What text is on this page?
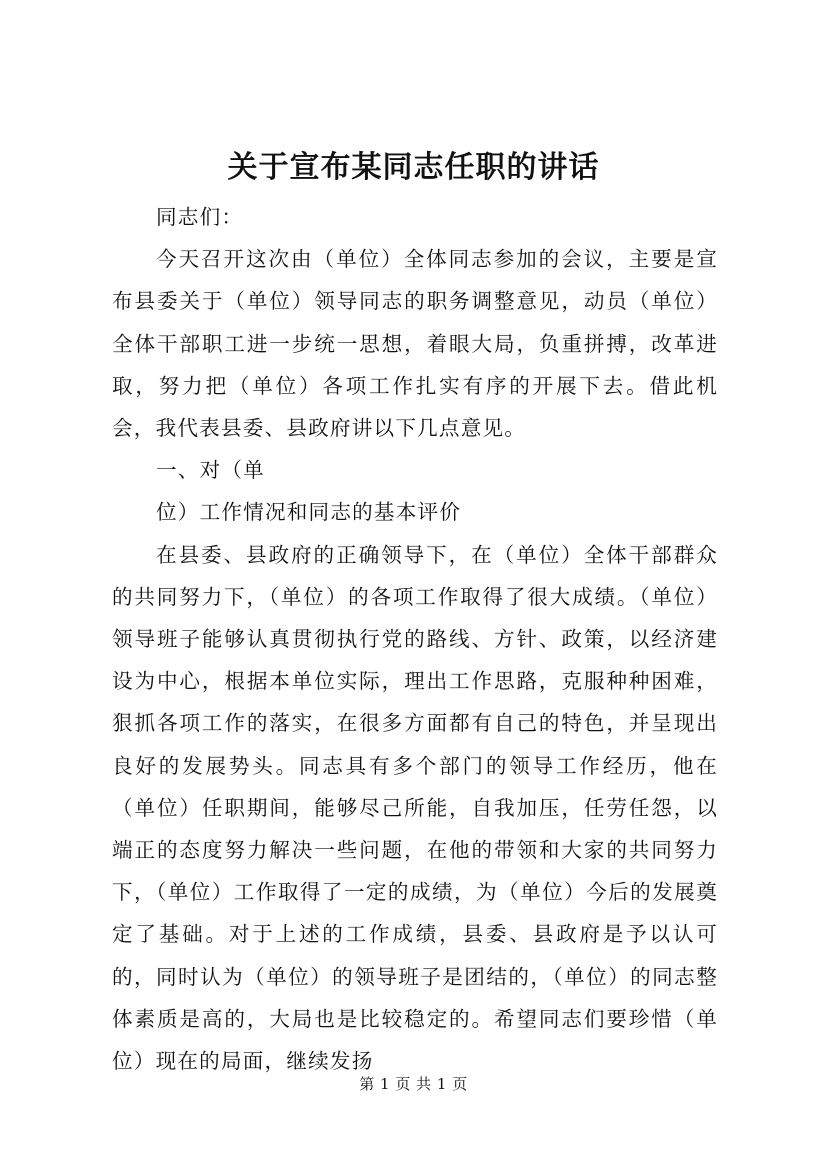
关于宣布某同志任职的讲话

同志们：

今天召开这次由（单位）全体同志参加的会议，主要是宣布县委关于（单位）领导同志的职务调整意见，动员（单位）全体干部职工进一步统一思想，着眼大局，负重拼搏，改革进取，努力把（单位）各项工作扎实有序的开展下去。借此机会，我代表县委、县政府讲以下几点意见。

一、对（单

位）工作情况和同志的基本评价

在县委、县政府的正确领导下，在（单位）全体干部群众的共同努力下，（单位）的各项工作取得了很大成绩。（单位）领导班子能够认真贯彻执行党的路线、方针、政策，以经济建设为中心，根据本单位实际，理出工作思路，克服种种困难，狠抓各项工作的落实，在很多方面都有自己的特色，并呈现出良好的发展势头。同志具有多个部门的领导工作经历，他在（单位）任职期间，能够尽己所能，自我加压，任劳任怨，以端正的态度努力解决一些问题，在他的带领和大家的共同努力下，（单位）工作取得了一定的成绩，为（单位）今后的发展奠定了基础。对于上述的工作成绩，县委、县政府是予以认可的，同时认为（单位）的领导班子是团结的，（单位）的同志整体素质是高的，大局也是比较稳定的。希望同志们要珍惜（单位）现在的局面，继续发扬

第 1 页 共 1 页
